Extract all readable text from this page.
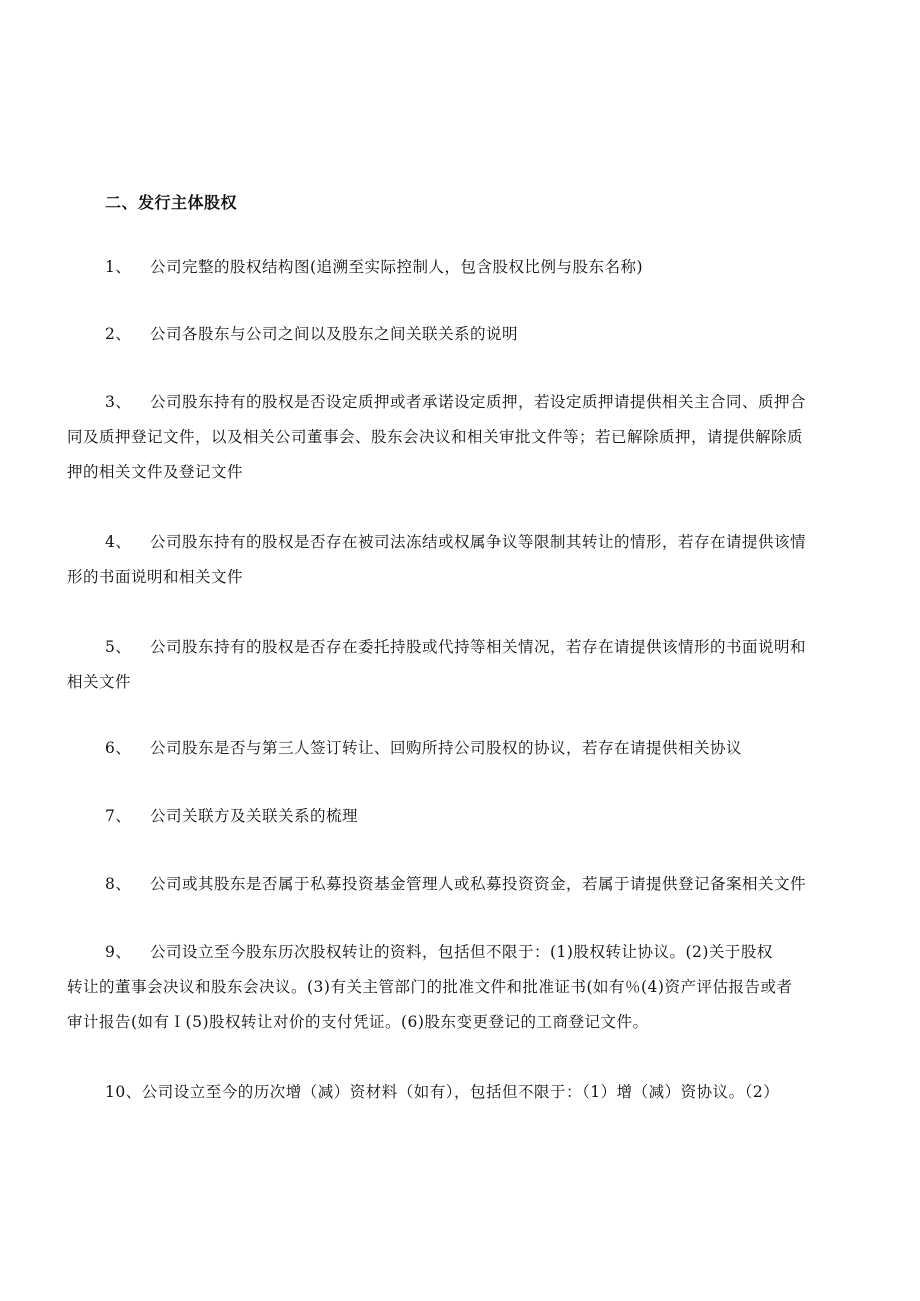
二、发行主体股权
1、 公司完整的股权结构图(追溯至实际控制人，包含股权比例与股东名称)
2、 公司各股东与公司之间以及股东之间关联关系的说明
3、 公司股东持有的股权是否设定质押或者承诺设定质押，若设定质押请提供相关主合同、质押合
同及质押登记文件，以及相关公司董事会、股东会决议和相关审批文件等；若已解除质押，请提供解除质
押的相关文件及登记文件
4、 公司股东持有的股权是否存在被司法冻结或权属争议等限制其转让的情形，若存在请提供该情
形的书面说明和相关文件
5、 公司股东持有的股权是否存在委托持股或代持等相关情况，若存在请提供该情形的书面说明和
相关文件
6、 公司股东是否与第三人签订转让、回购所持公司股权的协议，若存在请提供相关协议
7、 公司关联方及关联关系的梳理
8、 公司或其股东是否属于私募投资基金管理人或私募投资资金，若属于请提供登记备案相关文件
9、 公司设立至今股东历次股权转让的资料，包括但不限于：(1)股权转让协议。(2)关于股权
转让的董事会决议和股东会决议。(3)有关主管部门的批准文件和批准证书(如有％(4)资产评估报告或者
审计报告(如有Ｉ(5)股权转让对价的支付凭证。(6)股东变更登记的工商登记文件。
10、公司设立至今的历次增（减）资材料（如有），包括但不限于：（1）增（减）资协议。（2）
